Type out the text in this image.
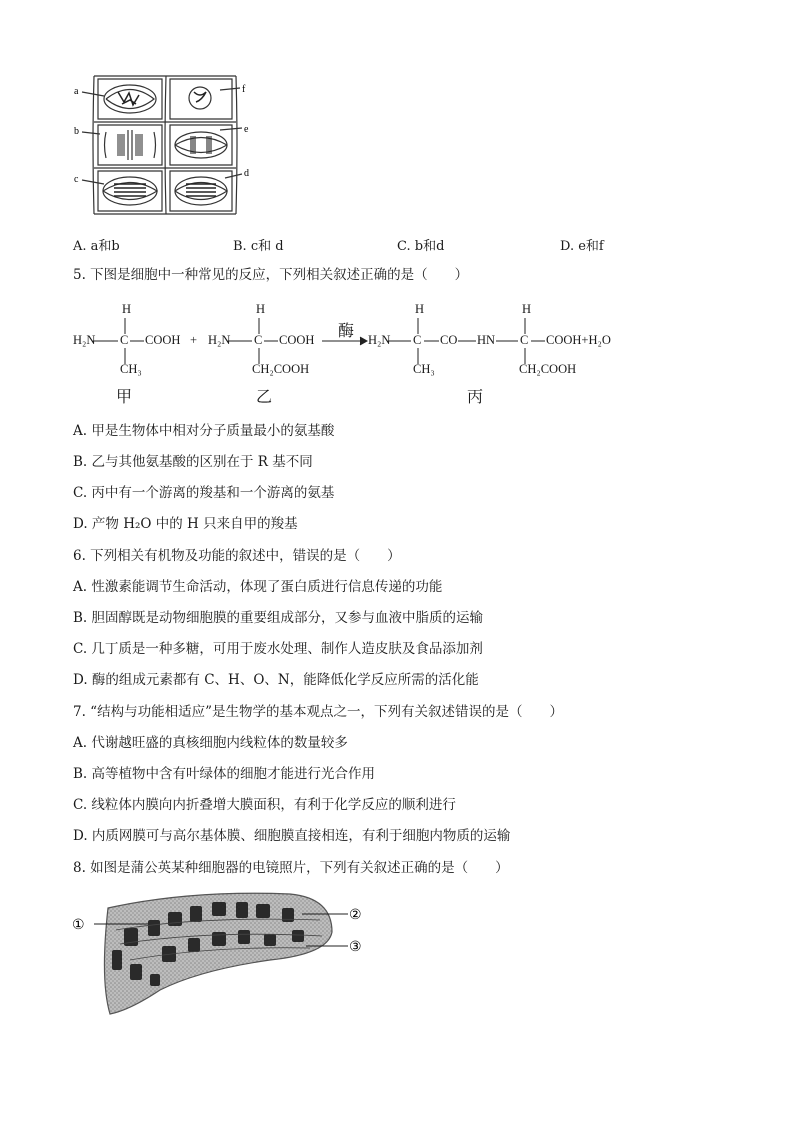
a	f
b	e
c
d
A. a和b	B. c和 d	C. b和d	D. e和f
5. 下图是细胞中一种常见的反应，下列相关叙述正确的是（　　）
H
H₂N C COOH
CH₃
+
H
H₂N C COOH
CH₂COOH
酶
H
H₂N C CO HN
H
C COOH+H₂O
CH₃	CH₂COOH
甲	乙	丙
A. 甲是生物体中相对分子质量最小的氨基酸
B. 乙与其他氨基酸的区别在于 R 基不同
C. 丙中有一个游离的羧基和一个游离的氨基
D. 产物 H₂O 中的 H 只来自甲的羧基
6. 下列相关有机物及功能的叙述中，错误的是（　　）
A. 性激素能调节生命活动，体现了蛋白质进行信息传递的功能
B. 胆固醇既是动物细胞膜的重要组成部分，又参与血液中脂质的运输
C. 几丁质是一种多糖，可用于废水处理、制作人造皮肤及食品添加剂
D. 酶的组成元素都有 C、H、O、N，能降低化学反应所需的活化能
7. “结构与功能相适应”是生物学的基本观点之一，下列有关叙述错误的是（　　）
A. 代谢越旺盛的真核细胞内线粒体的数量较多
B. 高等植物中含有叶绿体的细胞才能进行光合作用
C. 线粒体内膜向内折叠增大膜面积，有利于化学反应的顺利进行
D. 内质网膜可与高尔基体膜、细胞膜直接相连，有利于细胞内物质的运输
8. 如图是蒲公英某种细胞器的电镜照片，下列有关叙述正确的是（　　）
①
②
③
